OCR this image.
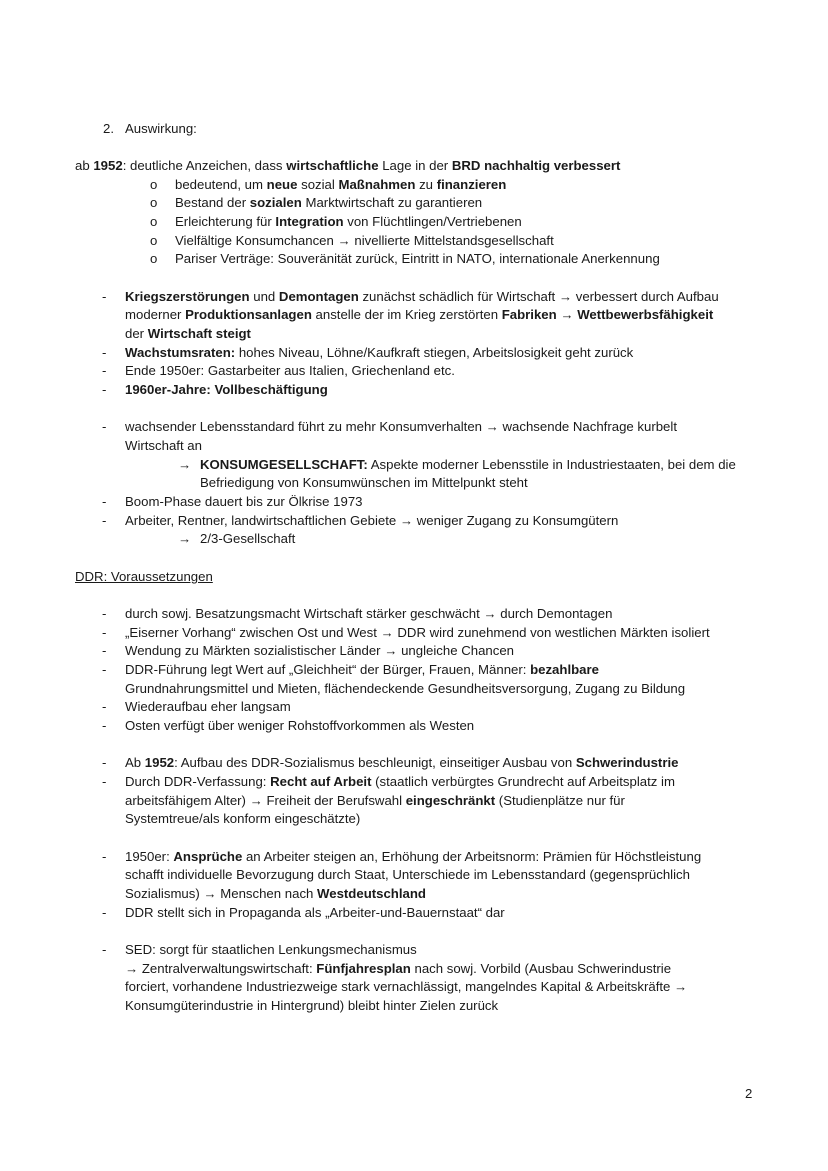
2. Auswirkung:
ab 1952: deutliche Anzeichen, dass wirtschaftliche Lage in der BRD nachhaltig verbessert
o bedeutend, um neue sozial Maßnahmen zu finanzieren
o Bestand der sozialen Marktwirtschaft zu garantieren
o Erleichterung für Integration von Flüchtlingen/Vertriebenen
o Vielfältige Konsumchancen → nivellierte Mittelstandsgesellschaft
o Pariser Verträge: Souveränität zurück, Eintritt in NATO, internationale Anerkennung
- Kriegszerstörungen und Demontagen zunächst schädlich für Wirtschaft → verbessert durch Aufbau
moderner Produktionsanlagen anstelle der im Krieg zerstörten Fabriken → Wettbewerbsfähigkeit
der Wirtschaft steigt
- Wachstumsraten: hohes Niveau, Löhne/Kaufkraft stiegen, Arbeitslosigkeit geht zurück
- Ende 1950er: Gastarbeiter aus Italien, Griechenland etc.
- 1960er-Jahre: Vollbeschäftigung
- wachsender Lebensstandard führt zu mehr Konsumverhalten → wachsende Nachfrage kurbelt
Wirtschaft an
→ KONSUMGESELLSCHAFT: Aspekte moderner Lebensstile in Industriestaaten, bei dem die
Befriedigung von Konsumwünschen im Mittelpunkt steht
- Boom-Phase dauert bis zur Ölkrise 1973
- Arbeiter, Rentner, landwirtschaftlichen Gebiete → weniger Zugang zu Konsumgütern
→ 2/3-Gesellschaft
DDR: Voraussetzungen
- durch sowj. Besatzungsmacht Wirtschaft stärker geschwächt → durch Demontagen
- „Eiserner Vorhang“ zwischen Ost und West → DDR wird zunehmend von westlichen Märkten isoliert
- Wendung zu Märkten sozialistischer Länder → ungleiche Chancen
- DDR-Führung legt Wert auf „Gleichheit“ der Bürger, Frauen, Männer: bezahlbare
Grundnahrungsmittel und Mieten, flächendeckende Gesundheitsversorgung, Zugang zu Bildung
- Wiederaufbau eher langsam
- Osten verfügt über weniger Rohstoffvorkommen als Westen
- Ab 1952: Aufbau des DDR-Sozialismus beschleunigt, einseitiger Ausbau von Schwerindustrie
- Durch DDR-Verfassung: Recht auf Arbeit (staatlich verbürgtes Grundrecht auf Arbeitsplatz im
arbeitsfähigem Alter) → Freiheit der Berufswahl eingeschränkt (Studienplätze nur für
Systemtreue/als konform eingeschätzte)
- 1950er: Ansprüche an Arbeiter steigen an, Erhöhung der Arbeitsnorm: Prämien für Höchstleistung
schafft individuelle Bevorzugung durch Staat, Unterschiede im Lebensstandard (gegensprüchlich
Sozialismus) → Menschen nach Westdeutschland
- DDR stellt sich in Propaganda als „Arbeiter-und-Bauernstaat“ dar
- SED: sorgt für staatlichen Lenkungsmechanismus
→ Zentralverwaltungswirtschaft: Fünfjahresplan nach sowj. Vorbild (Ausbau Schwerindustrie
forciert, vorhandene Industriezweige stark vernachlässigt, mangelndes Kapital & Arbeitskräfte →
Konsumgüterindustrie in Hintergrund) bleibt hinter Zielen zurück
2
